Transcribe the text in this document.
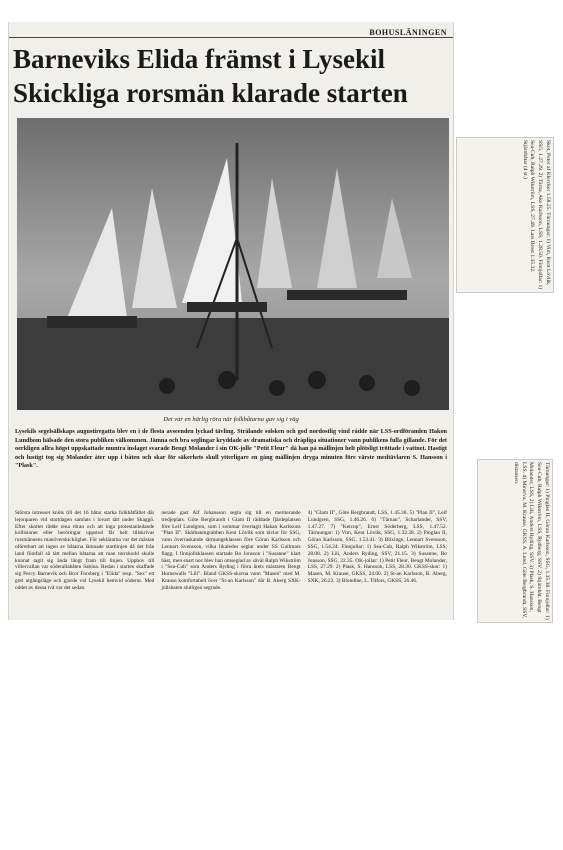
BOHUSLÄNINGEN
Barneviks Elida främst i Lysekil
Skickliga rorsmän klarade starten
Det var en härlig röra när folkbåtarna gav sig i väg
Lysekils segelsällskaps augustiregatta blev en i de flesta avseenden lyckad tävling. Strålande solsken och god nordostlig vind rådde när LSS-ordföranden Hakon Lundbom hälsade den stora publiken välkommen. Jämna och bra seglingar kryddade av dramatiska och dråpliga situationer vann publikens fulla gillande. För det oerkligen allra högst uppskattade muntra inslaget svarade Bengt Molander i sin OK-jolle "Petit Fleur" då han på mållinjen helt plötsligt tröttade i vattnet. Hastigt och lustigt tog sig Molander åter upp i båten och skar för säkerhets skull ytterligare en gång mållinjen dryga minuten före värste medtävlaren S. Hansson i "Plask".
Största intresset knöts till det 16 båtar starka folkbåtfältet där lejonparen vid startdagen samlats i lovart tätt under Skaggö. Efter skottet rådde rena röran och att inga protestanledande kollisioner eller beröringar uppstod får helt tillskrivas rorsmännens manöverskicklighet. För seklärarna var det mästan oföretbart att ingen av båtarna lämnade startlinjen då det från land förefall så tätt mellan båtarna att man torrskodd skulle kunnat tagit sig ända längt fram till linjen. Upphov till villervallan var söderallabåten Sabina. Redan i starten skaffade sig Percy Barnevik och Bror Forsberg i "Elida" resp. "Sex" ett gott utgångsläge och gjorde vid Lysekil hemvid söderut. Med oddet av dessa två var det sedan.
nerade gast Alf Johansson segla sig till en meriterande tredjeplats. Göte Bergbrandt i Glam II räddade fjärdeplatsen före Leif Lundgren, som i sommar övertagit Hakan Karlssons "Plan II". Skärbanmgrabben Kent Lövlik som tävlar för SSG, vann överraskande tärmungeklassen före Göran Karlsson och Lennart Svensson, vilka likaledes seglar under SS Gullmars flagg. I finnjollsklassen startade Bo Jonsson i "Susanne" klart bäst, men snart noc blev han omseglad av såväl Ralph Wikström i "Sea-Cub" som Anders Ryding i förra årets mästaren Bengt Hornewalls "Lili". Bland GKSS-skorna vann "Masen" med M. Krause komfortabelt över "St-an Karlsson" där B. Aberg SXK-jullsbaten slutligen segrade.
4) "Glam II", Göte Bergbrandt, LSS, 1.45.36. 5) "Plan II", Leif Lundgren, SSG, 1.46.26. 6) "Tärnan", Scharlander, SSV, 1.47.27. 7) "Ketcup", Ernst Söderberg, LSS, 1.47.52. Tärmungar: 1) Vim, Kent Lövlik, SSG, 1.32.28. 2) Pinglan II, Göran Karlsson, SSG, 1.53.41. 3) Blixinge, Lennart Svensson, SSG, 1.54.24. Finnjollar: 1) Sea-Cub, Ralph Wikström, LSS, 28.08. 2) Lili, Anders Ryding, SSV, 21.15. 3) Susanne, Bo Jonsson, SSG, 22.35. OK-jollar: 1) Petit Fleur, Bengt Molander, LSS, 27.29. 2) Plask, S. Hansson, LSS, 28.30. GKSS-skor: 1) Masen, M. Krause, GKSS, 24.00. 2) St-an Karlsson, B. Aberg, SXK, 26.22. 3) Blondine, L. Tilfors, GKSS, 26.46.
Skot, Peter af Klercker 1.58.25. Tärnungar: 1) Vim, Kent Lövlik, SSG, 1.27.29. 2) Tärna, Ake Karlsson, LSS, 1.28.50. Finnjollar: 1) Sea-Cub, Ralph Wikström, LSS, 27.49. Lars Brost 1.35.32. Stjärnbåtar (4 st.)
Tärnungar: 1) Pinglan II, Göran Karlsson, SSG, 1.35.38. Finnjollar: 1) Sea-Cub, Ralph Wikström, LSS, Rydberg, SSV. 2) Stjärnbåt, Bengt Molander, LSS, 2) Lili, Anders Ryding, SSV. 3) Plask, S. Hansson, LSS. 4) Minerva, M. Krause, GKSS. A. Lund, Göte Bergbrandt, SSV, distansen.
